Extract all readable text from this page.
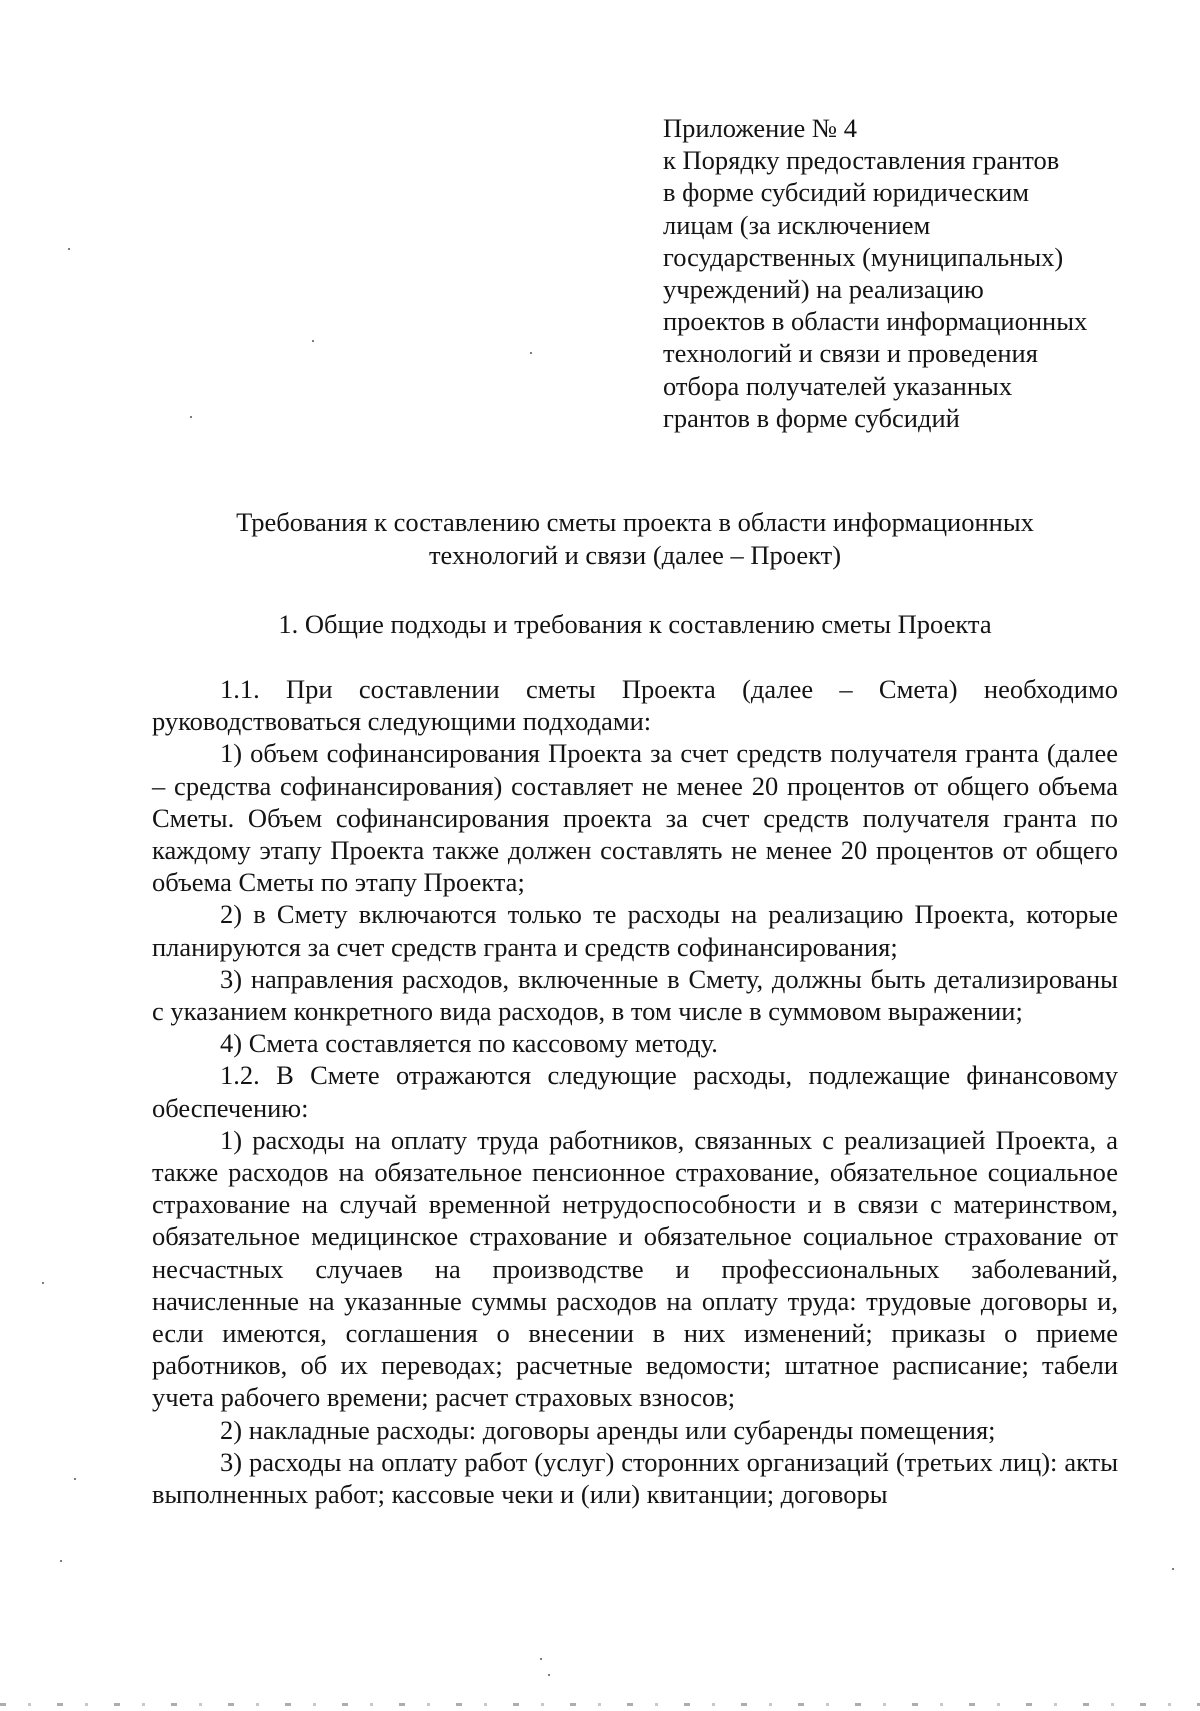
Приложение № 4
к Порядку предоставления грантов
в форме субсидий юридическим
лицам (за исключением
государственных (муниципальных)
учреждений) на реализацию
проектов в области информационных
технологий и связи и проведения
отбора получателей указанных
грантов в форме субсидий
Требования к составлению сметы проекта в области информационных
технологий и связи (далее – Проект)
1. Общие подходы и требования к составлению сметы Проекта

1.1. При составлении сметы Проекта (далее – Смета) необходимо руководствоваться следующими подходами:

1) объем софинансирования Проекта за счет средств получателя гранта (далее – средства софинансирования) составляет не менее 20 процентов от общего объема Сметы. Объем софинансирования проекта за счет средств получателя гранта по каждому этапу Проекта также должен составлять не менее 20 процентов от общего объема Сметы по этапу Проекта;

2) в Смету включаются только те расходы на реализацию Проекта, которые планируются за счет средств гранта и средств софинансирования;

3) направления расходов, включенные в Смету, должны быть детализированы с указанием конкретного вида расходов, в том числе в суммовом выражении;

4) Смета составляется по кассовому методу.

1.2. В Смете отражаются следующие расходы, подлежащие финансовому обеспечению:

1) расходы на оплату труда работников, связанных с реализацией Проекта, а также расходов на обязательное пенсионное страхование, обязательное социальное страхование на случай временной нетрудоспособности и в связи с материнством, обязательное медицинское страхование и обязательное социальное страхование от несчастных случаев на производстве и профессиональных заболеваний, начисленные на указанные суммы расходов на оплату труда: трудовые договоры и, если имеются, соглашения о внесении в них изменений; приказы о приеме работников, об их переводах; расчетные ведомости; штатное расписание; табели учета рабочего времени; расчет страховых взносов;

2) накладные расходы: договоры аренды или субаренды помещения;

3) расходы на оплату работ (услуг) сторонних организаций (третьих лиц): акты выполненных работ; кассовые чеки и (или) квитанции; договоры
